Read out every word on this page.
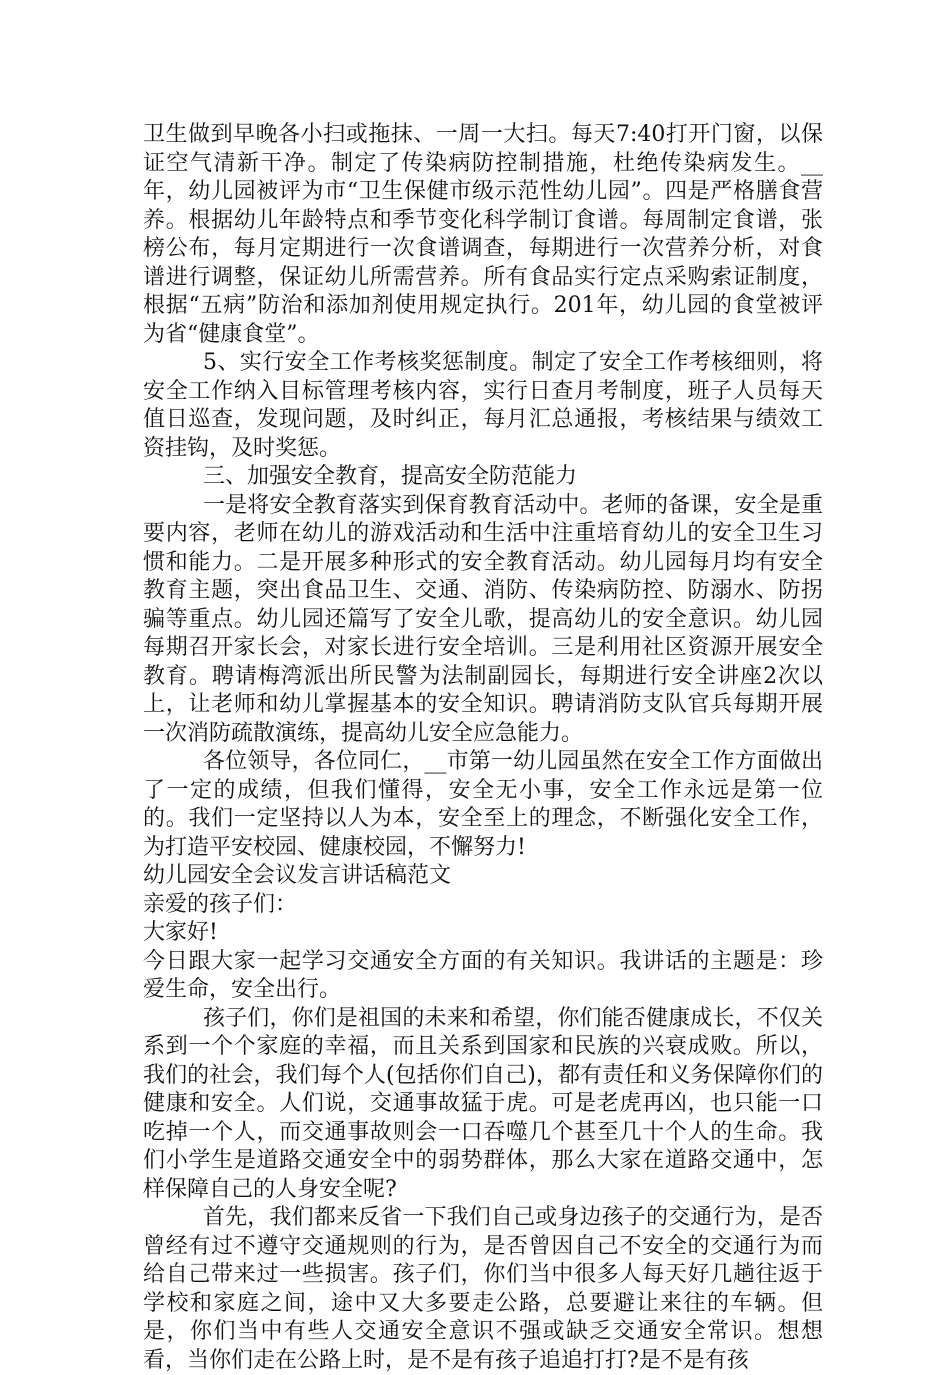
卫生做到早晚各小扫或拖抹、一周一大扫。每天7:40打开门窗，以保证空气清新干净。制定了传染病防控制措施，杜绝传染病发生。__年，幼儿园被评为市“卫生保健市级示范性幼儿园”。四是严格膳食营养。根据幼儿年龄特点和季节变化科学制订食谱。每周制定食谱，张榜公布，每月定期进行一次食谱调查，每期进行一次营养分析，对食谱进行调整，保证幼儿所需营养。所有食品实行定点采购索证制度，根据“五病”防治和添加剂使用规定执行。201年，幼儿园的食堂被评为省“健康食堂”。

5、实行安全工作考核奖惩制度。制定了安全工作考核细则，将安全工作纳入目标管理考核内容，实行日查月考制度，班子人员每天值日巡查，发现问题，及时纠正，每月汇总通报，考核结果与绩效工资挂钩，及时奖惩。

三、加强安全教育，提高安全防范能力

一是将安全教育落实到保育教育活动中。老师的备课，安全是重要内容，老师在幼儿的游戏活动和生活中注重培育幼儿的安全卫生习惯和能力。二是开展多种形式的安全教育活动。幼儿园每月均有安全教育主题，突出食品卫生、交通、消防、传染病防控、防溺水、防拐骗等重点。幼儿园还篇写了安全儿歌，提高幼儿的安全意识。幼儿园每期召开家长会，对家长进行安全培训。三是利用社区资源开展安全教育。聘请梅湾派出所民警为法制副园长，每期进行安全讲座2次以上，让老师和幼儿掌握基本的安全知识。聘请消防支队官兵每期开展一次消防疏散演练，提高幼儿安全应急能力。

各位领导，各位同仁，__市第一幼儿园虽然在安全工作方面做出了一定的成绩，但我们懂得，安全无小事，安全工作永远是第一位的。我们一定坚持以人为本，安全至上的理念，不断强化安全工作，为打造平安校园、健康校园，不懈努力!

幼儿园安全会议发言讲话稿范文

亲爱的孩子们：

大家好!

今日跟大家一起学习交通安全方面的有关知识。我讲话的主题是：珍爱生命，安全出行。

孩子们，你们是祖国的未来和希望，你们能否健康成长，不仅关系到一个个家庭的幸福，而且关系到国家和民族的兴衰成败。所以，我们的社会，我们每个人(包括你们自己)，都有责任和义务保障你们的健康和安全。人们说，交通事故猛于虎。可是老虎再凶，也只能一口吃掉一个人，而交通事故则会一口吞噬几个甚至几十个人的生命。我们小学生是道路交通安全中的弱势群体，那么大家在道路交通中，怎样保障自己的人身安全呢?

首先，我们都来反省一下我们自己或身边孩子的交通行为，是否曾经有过不遵守交通规则的行为，是否曾因自己不安全的交通行为而给自己带来过一些损害。孩子们，你们当中很多人每天好几趟往返于学校和家庭之间，途中又大多要走公路，总要避让来往的车辆。但是，你们当中有些人交通安全意识不强或缺乏交通安全常识。想想看，当你们走在公路上时，是不是有孩子追追打打?是不是有孩
